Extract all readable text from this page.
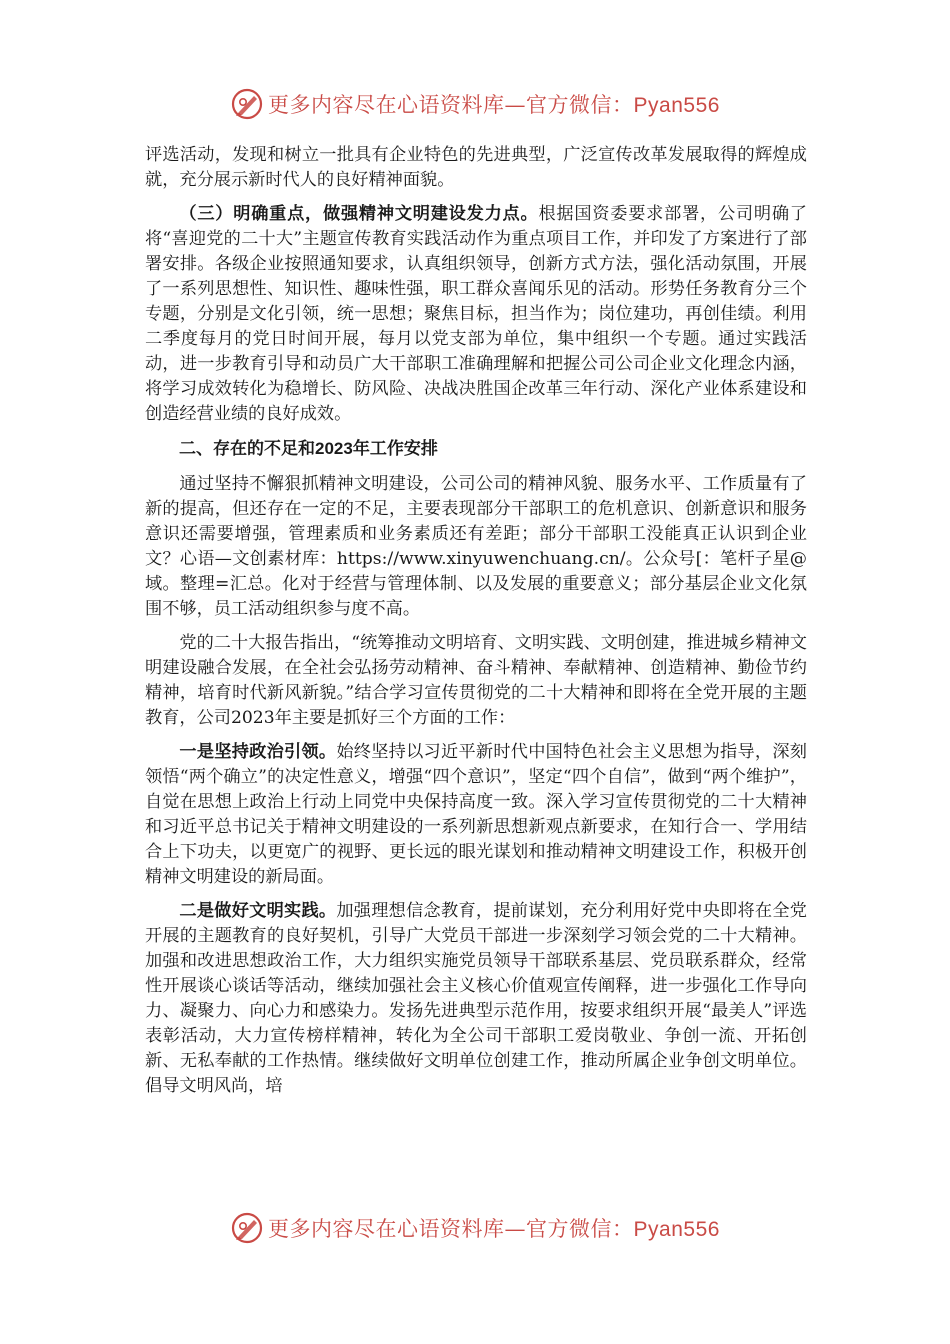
更多内容尽在心语资料库—官方微信：Pyan556

评选活动，发现和树立一批具有企业特色的先进典型，广泛宣传改革发展取得的辉煌成就，充分展示新时代人的良好精神面貌。

（三）明确重点，做强精神文明建设发力点。根据国资委要求部署，公司明确了将“喜迎党的二十大”主题宣传教育实践活动作为重点项目工作，并印发了方案进行了部署安排。各级企业按照通知要求，认真组织领导，创新方式方法，强化活动氛围，开展了一系列思想性、知识性、趣味性强，职工群众喜闻乐见的活动。形势任务教育分三个专题，分别是文化引领，统一思想；聚焦目标，担当作为；岗位建功，再创佳绩。利用二季度每月的党日时间开展，每月以党支部为单位，集中组织一个专题。通过实践活动，进一步教育引导和动员广大干部职工准确理解和把握公司公司企业文化理念内涵，将学习成效转化为稳增长、防风险、决战决胜国企改革三年行动、深化产业体系建设和创造经营业绩的良好成效。

二、存在的不足和2023年工作安排

通过坚持不懈狠抓精神文明建设，公司公司的精神风貌、服务水平、工作质量有了新的提高，但还存在一定的不足，主要表现部分干部职工的危机意识、创新意识和服务意识还需要增强，管理素质和业务素质还有差距；部分干部职工没能真正认识到企业文？心语—文创素材库：https://www.xinyuwenchuang.cn/。公众号[：笔杆子星@域。整理=汇总。化对于经营与管理体制、以及发展的重要意义；部分基层企业文化氛围不够，员工活动组织参与度不高。

党的二十大报告指出，“统筹推动文明培育、文明实践、文明创建，推进城乡精神文明建设融合发展，在全社会弘扬劳动精神、奋斗精神、奉献精神、创造精神、勤俭节约精神，培育时代新风新貌。”结合学习宣传贯彻党的二十大精神和即将在全党开展的主题教育，公司2023年主要是抓好三个方面的工作：

一是坚持政治引领。始终坚持以习近平新时代中国特色社会主义思想为指导，深刻领悟“两个确立”的决定性意义，增强“四个意识”，坚定“四个自信”，做到“两个维护”，自觉在思想上政治上行动上同党中央保持高度一致。深入学习宣传贯彻党的二十大精神和习近平总书记关于精神文明建设的一系列新思想新观点新要求，在知行合一、学用结合上下功夫，以更宽广的视野、更长远的眼光谋划和推动精神文明建设工作，积极开创精神文明建设的新局面。

二是做好文明实践。加强理想信念教育，提前谋划，充分利用好党中央即将在全党开展的主题教育的良好契机，引导广大党员干部进一步深刻学习领会党的二十大精神。加强和改进思想政治工作，大力组织实施党员领导干部联系基层、党员联系群众，经常性开展谈心谈话等活动，继续加强社会主义核心价值观宣传阐释，进一步强化工作导向力、凝聚力、向心力和感染力。发扬先进典型示范作用，按要求组织开展“最美人”评选表彰活动，大力宣传榜样精神，转化为全公司干部职工爱岗敬业、争创一流、开拓创新、无私奉献的工作热情。继续做好文明单位创建工作，推动所属企业争创文明单位。倡导文明风尚，培

更多内容尽在心语资料库—官方微信：Pyan556
